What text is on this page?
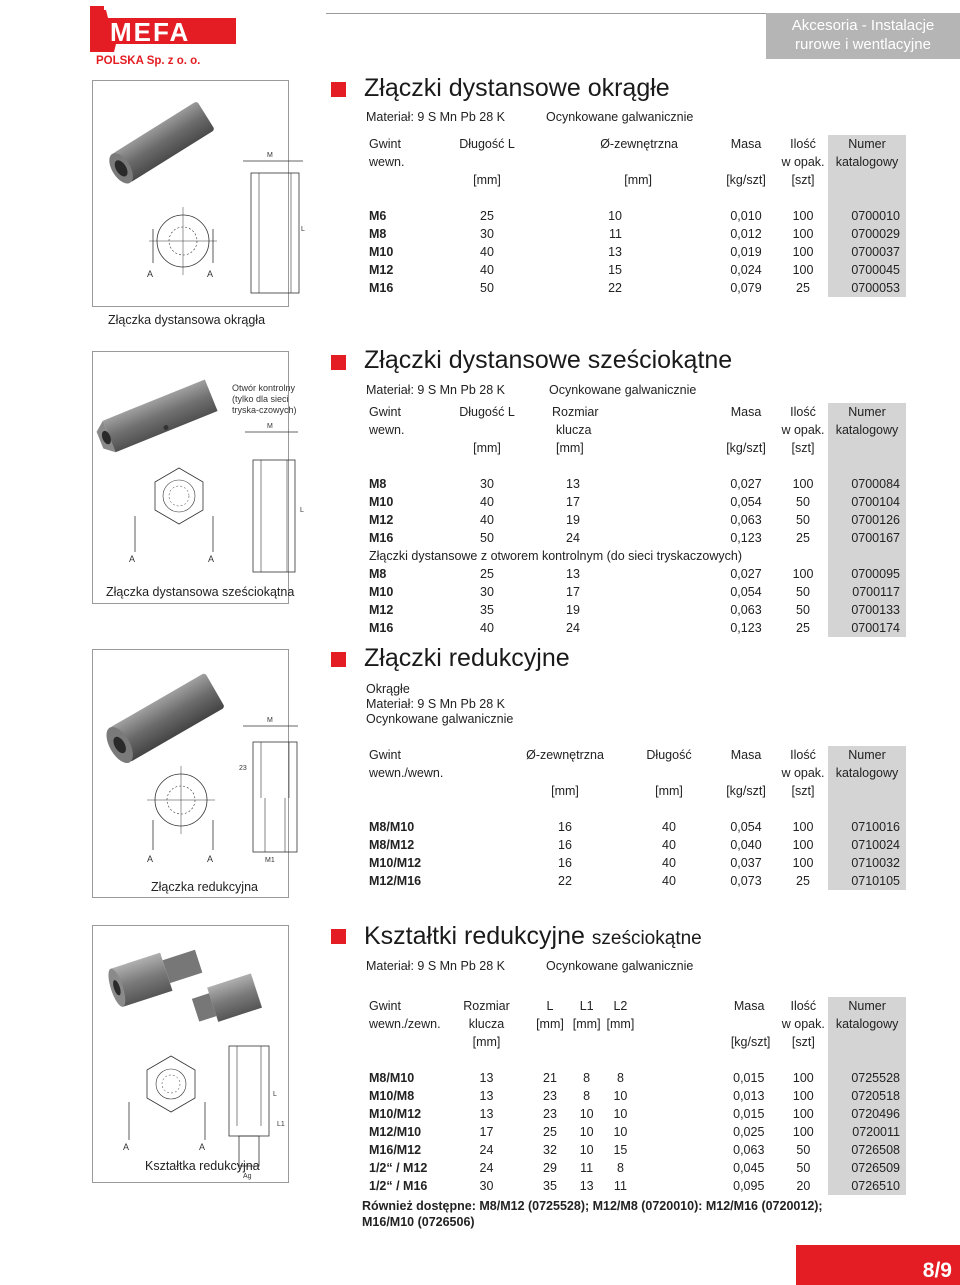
MEFA
POLSKA Sp. z o. o.
Akcesoria - Instalacje
rurowe i wentlacyjne
M
L
A	A
Złączka dystansowa okrągła
M
L
A	A
Otwór kontrolny (tylko dla sieci tryska-czowych)
Złączka dystansowa sześciokątna
M
23
M1
A	A
Złączka redukcyjna
L
L1
Ag
A	A
Kształtka redukcyjna
Złączki dystansowe okrągłe
Materiał: 9 S Mn Pb 28 K	Ocynkowane galwanicznie
Gwint	Długość L	Ø-zewnętrzna	Masa	Ilość	Numer
wewn.				w opak.	katalogowy
	[mm]	[mm]	[kg/szt]	[szt]	

M6	25	10	0,010	100	0700010
M8	30	11	0,012	100	0700029
M10	40	13	0,019	100	0700037
M12	40	15	0,024	100	0700045
M16	50	22	0,079	25	0700053
Złączki dystansowe sześciokątne
Materiał: 9 S Mn Pb 28 K	Ocynkowane galwanicznie
Gwint	Długość L	Rozmiar	Masa	Ilość	Numer
wewn.		klucza		w opak.	katalogowy
	[mm]	[mm]	[kg/szt]	[szt]	

M8	30	13	0,027	100	0700084
M10	40	17	0,054	50	0700104
M12	40	19	0,063	50	0700126
M16	50	24	0,123	25	0700167
Złączki dystansowe z otworem kontrolnym (do sieci tryskaczowych)					
M8	25	13	0,027	100	0700095
M10	30	17	0,054	50	0700117
M12	35	19	0,063	50	0700133
M16	40	24	0,123	25	0700174
Złączki redukcyjne
Okrągłe
Materiał: 9 S Mn Pb 28 K
Ocynkowane galwanicznie
Gwint	Ø-zewnętrzna	Długość	Masa	Ilość	Numer
wewn./wewn.				w opak.	katalogowy
	[mm]	[mm]	[kg/szt]	[szt]	

M8/M10	16	40	0,054	100	0710016
M8/M12	16	40	0,040	100	0710024
M10/M12	16	40	0,037	100	0710032
M12/M16	22	40	0,073	25	0710105
Kształtki redukcyjne sześciokątne
Materiał: 9 S Mn Pb 28 K	Ocynkowane galwanicznie
Gwint	Rozmiar	L	L1	L2	Masa	Ilość	Numer
wewn./zewn.	klucza	[mm]	[mm]	[mm]		w opak.	katalogowy
	[mm]				[kg/szt]	[szt]	

M8/M10	13	21	8	8	0,015	100	0725528
M10/M8	13	23	8	10	0,013	100	0720518
M10/M12	13	23	10	10	0,015	100	0720496
M12/M10	17	25	10	10	0,025	100	0720011
M16/M12	24	32	10	15	0,063	50	0726508
1/2“ / M12	24	29	11	8	0,045	50	0726509
1/2“ / M16	30	35	13	11	0,095	20	0726510
Również dostępne: M8/M12 (0725528); M12/M8 (0720010): M12/M16 (0720012); M16/M10 (0726506)
8/9
